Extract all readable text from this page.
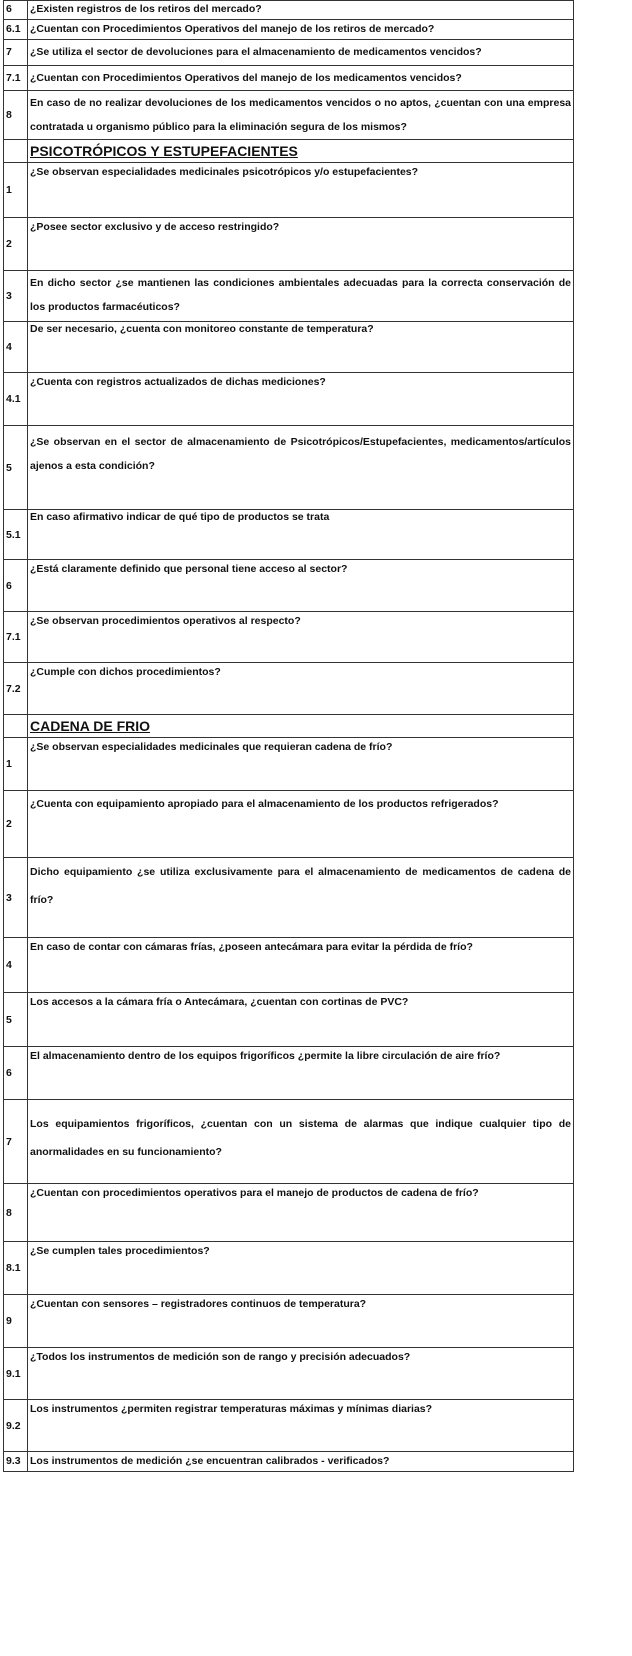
6	¿Existen registros de los retiros del mercado?
6.1	¿Cuentan con Procedimientos Operativos del manejo de los retiros de mercado?
7	¿Se utiliza el sector de devoluciones para el almacenamiento de medicamentos vencidos?
7.1	¿Cuentan con Procedimientos Operativos del manejo de los medicamentos vencidos?
8	En caso de no realizar devoluciones de los medicamentos vencidos o no aptos, ¿cuentan con una empresa contratada u organismo público para la eliminación segura de los mismos?
	PSICOTRÓPICOS Y ESTUPEFACIENTES
1	¿Se observan especialidades medicinales psicotrópicos y/o estupefacientes?
2	¿Posee sector exclusivo y de acceso restringido?
3	En dicho sector ¿se mantienen las condiciones ambientales adecuadas para la correcta conservación de los productos farmacéuticos?
4	De ser necesario, ¿cuenta con monitoreo constante de temperatura?
4.1	¿Cuenta con registros actualizados de dichas mediciones?
5	¿Se observan en el sector de almacenamiento de Psicotrópicos/Estupefacientes, medicamentos/artículos ajenos a esta condición?
5.1	En caso afirmativo indicar de qué tipo de productos se trata
6	¿Está claramente definido que personal tiene acceso al sector?
7.1	¿Se observan procedimientos operativos al respecto?
7.2	¿Cumple con dichos procedimientos?
	CADENA DE FRIO
1	¿Se observan especialidades medicinales que requieran cadena de frío?
2	¿Cuenta con equipamiento apropiado para el almacenamiento de los productos refrigerados?
3	Dicho equipamiento ¿se utiliza exclusivamente para el almacenamiento de medicamentos de cadena de frío?
4	En caso de contar con cámaras frías, ¿poseen antecámara para evitar la pérdida de frío?
5	Los accesos a la cámara fría o Antecámara, ¿cuentan con cortinas de PVC?
6	El almacenamiento dentro de los equipos frigoríficos ¿permite la libre circulación de aire frío?
7	Los equipamientos frigoríficos, ¿cuentan con un sistema de alarmas que indique cualquier tipo de anormalidades en su funcionamiento?
8	¿Cuentan con procedimientos operativos para el manejo de productos de cadena de frío?
8.1	¿Se cumplen tales procedimientos?
9	¿Cuentan con sensores – registradores continuos de temperatura?
9.1	¿Todos los instrumentos de medición son de rango y precisión adecuados?
9.2	Los instrumentos ¿permiten registrar temperaturas máximas y mínimas diarias?
9.3	Los instrumentos de medición ¿se encuentran calibrados - verificados?
